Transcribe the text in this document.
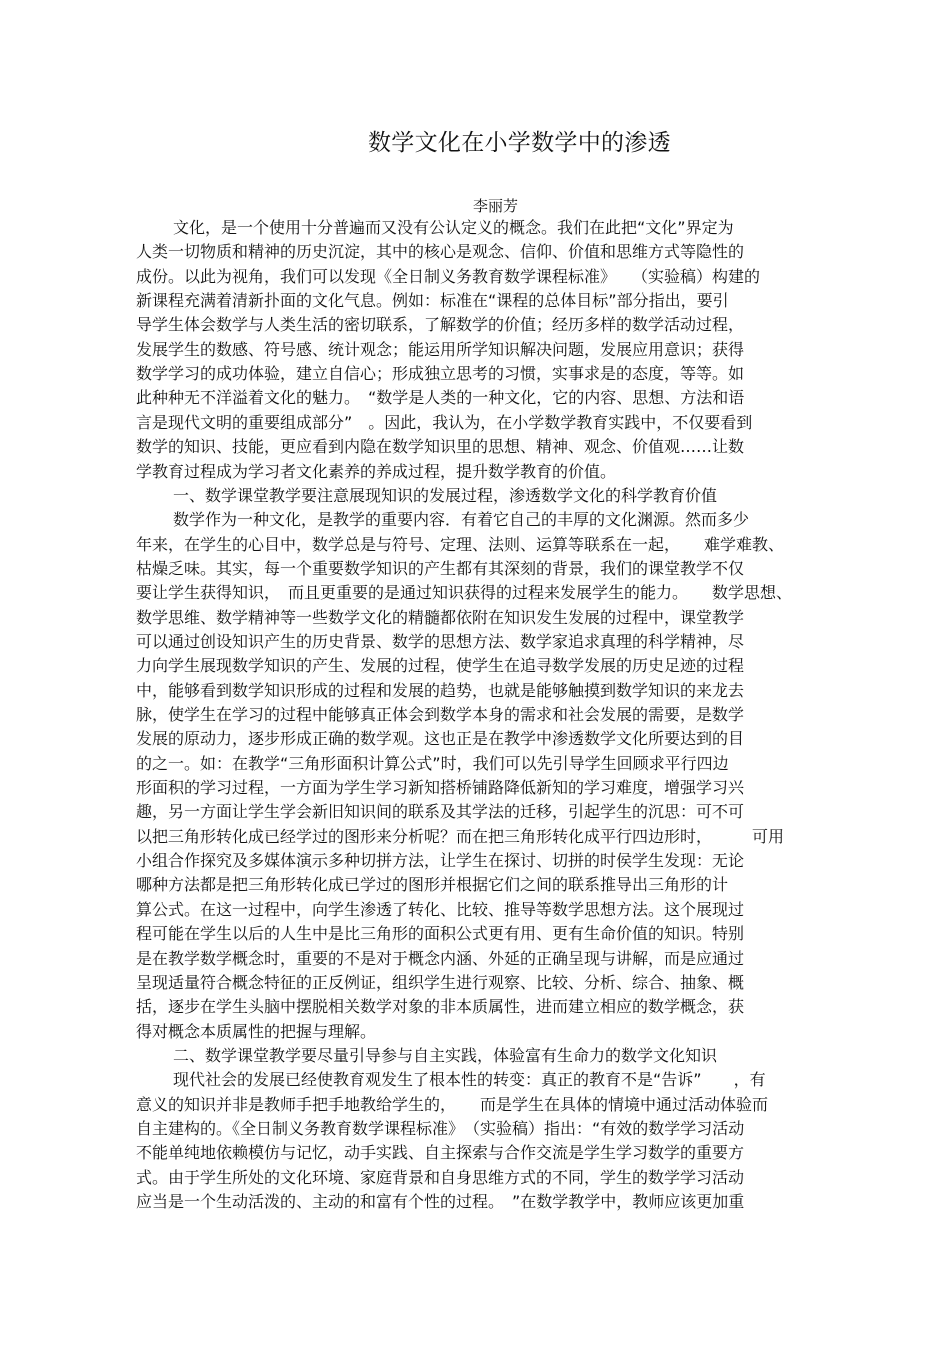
数学文化在小学数学中的渗透
李丽芳
文化，是一个使用十分普遍而又没有公认定义的概念。我们在此把“文化”界定为
人类一切物质和精神的历史沉淀，其中的核心是观念、信仰、价值和思维方式等隐性的
成份。以此为视角，我们可以发现《全日制义务教育数学课程标准》　　（实验稿）构建的
新课程充满着清新扑面的文化气息。例如：标准在“课程的总体目标”部分指出，要引
导学生体会数学与人类生活的密切联系，了解数学的价值；经历多样的数学活动过程，
发展学生的数感、符号感、统计观念；能运用所学知识解决问题，发展应用意识；获得
数学学习的成功体验，建立自信心；形成独立思考的习惯，实事求是的态度，等等。如
此种种无不洋溢着文化的魅力。　“数学是人类的一种文化，它的内容、思想、方法和语
言是现代文明的重要组成部分”　。因此，我认为，在小学数学教育实践中，不仅要看到
数学的知识、技能，更应看到内隐在数学知识里的思想、精神、观念、价值观……让数
学教育过程成为学习者文化素养的养成过程，提升数学教育的价值。
一、数学课堂教学要注意展现知识的发展过程，渗透数学文化的科学教育价值
数学作为一种文化，是教学的重要内容．有着它自己的丰厚的文化渊源。然而多少
年来，在学生的心目中，数学总是与符号、定理、法则、运算等联系在一起，　　难学难教、
枯燥乏味。其实，每一个重要数学知识的产生都有其深刻的背景，我们的课堂教学不仅
要让学生获得知识，　而且更重要的是通过知识获得的过程来发展学生的能力。　　数学思想、
数学思维、数学精神等一些数学文化的精髓都依附在知识发生发展的过程中，课堂教学
可以通过创设知识产生的历史背景、数学的思想方法、数学家追求真理的科学精神，尽
力向学生展现数学知识的产生、发展的过程，使学生在追寻数学发展的历史足迹的过程
中，能够看到数学知识形成的过程和发展的趋势，也就是能够触摸到数学知识的来龙去
脉，使学生在学习的过程中能够真正体会到数学本身的需求和社会发展的需要，是数学
发展的原动力，逐步形成正确的数学观。这也正是在教学中渗透数学文化所要达到的目
的之一。如：在教学“三角形面积计算公式”时，我们可以先引导学生回顾求平行四边
形面积的学习过程，一方面为学生学习新知搭桥铺路降低新知的学习难度，增强学习兴
趣，另一方面让学生学会新旧知识间的联系及其学法的迁移，引起学生的沉思：可不可
以把三角形转化成已经学过的图形来分析呢？而在把三角形转化成平行四边形时，　　　可用
小组合作探究及多媒体演示多种切拼方法，让学生在探讨、切拼的时侯学生发现：无论
哪种方法都是把三角形转化成已学过的图形并根据它们之间的联系推导出三角形的计
算公式。在这一过程中，向学生渗透了转化、比较、推导等数学思想方法。这个展现过
程可能在学生以后的人生中是比三角形的面积公式更有用、更有生命价值的知识。特别
是在教学数学概念时，重要的不是对于概念内涵、外延的正确呈现与讲解，而是应通过
呈现适量符合概念特征的正反例证，组织学生进行观察、比较、分析、综合、抽象、概
括，逐步在学生头脑中摆脱相关数学对象的非本质属性，进而建立相应的数学概念，获
得对概念本质属性的把握与理解。
二、数学课堂教学要尽量引导参与自主实践，体验富有生命力的数学文化知识
现代社会的发展已经使教育观发生了根本性的转变：真正的教育不是“告诉”　　，有
意义的知识并非是教师手把手地教给学生的，　　而是学生在具体的情境中通过活动体验而
自主建构的。《全日制义务教育数学课程标准》　（实验稿）指出：“有效的数学学习活动
不能单纯地依赖模仿与记忆，动手实践、自主探索与合作交流是学生学习数学的重要方
式。由于学生所处的文化环境、家庭背景和自身思维方式的不同，学生的数学学习活动
应当是一个生动活泼的、主动的和富有个性的过程。　”在数学教学中，教师应该更加重
